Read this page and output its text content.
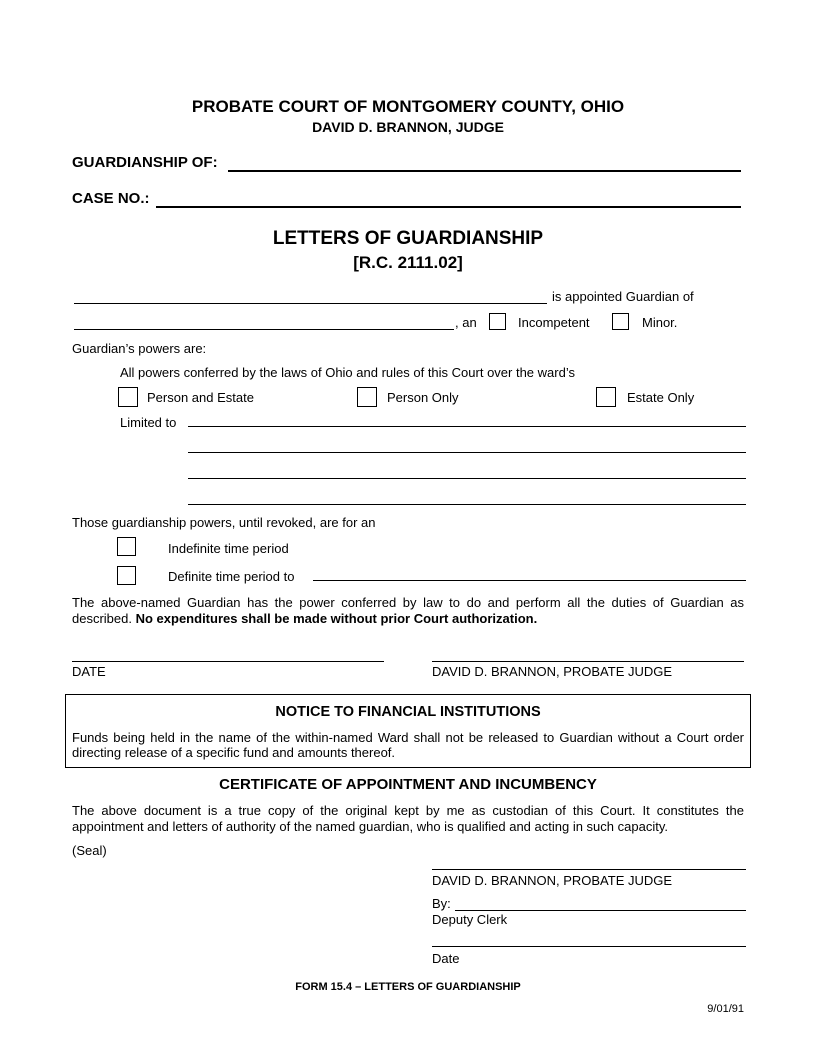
PROBATE COURT OF MONTGOMERY COUNTY, OHIO
DAVID D. BRANNON, JUDGE
GUARDIANSHIP OF:
CASE NO.:
LETTERS OF GUARDIANSHIP
[R.C. 2111.02]
is appointed Guardian of
, an	Incompetent	Minor.
Guardian’s powers are:
All powers conferred by the laws of Ohio and rules of this Court over the ward’s
Person and Estate	Person Only	Estate Only
Limited to
Those guardianship powers, until revoked, are for an
Indefinite time period
Definite time period to
The above-named Guardian has the power conferred by law to do and perform all the duties of Guardian as described. No expenditures shall be made without prior Court authorization.
DATE	DAVID D. BRANNON, PROBATE JUDGE
NOTICE TO FINANCIAL INSTITUTIONS
Funds being held in the name of the within-named Ward shall not be released to Guardian without a Court order directing release of a specific fund and amounts thereof.
CERTIFICATE OF APPOINTMENT AND INCUMBENCY
The above document is a true copy of the original kept by me as custodian of this Court. It constitutes the appointment and letters of authority of the named guardian, who is qualified and acting in such capacity.
(Seal)
DAVID D. BRANNON, PROBATE JUDGE
By:
Deputy Clerk
Date
FORM 15.4 – LETTERS OF GUARDIANSHIP
9/01/91
